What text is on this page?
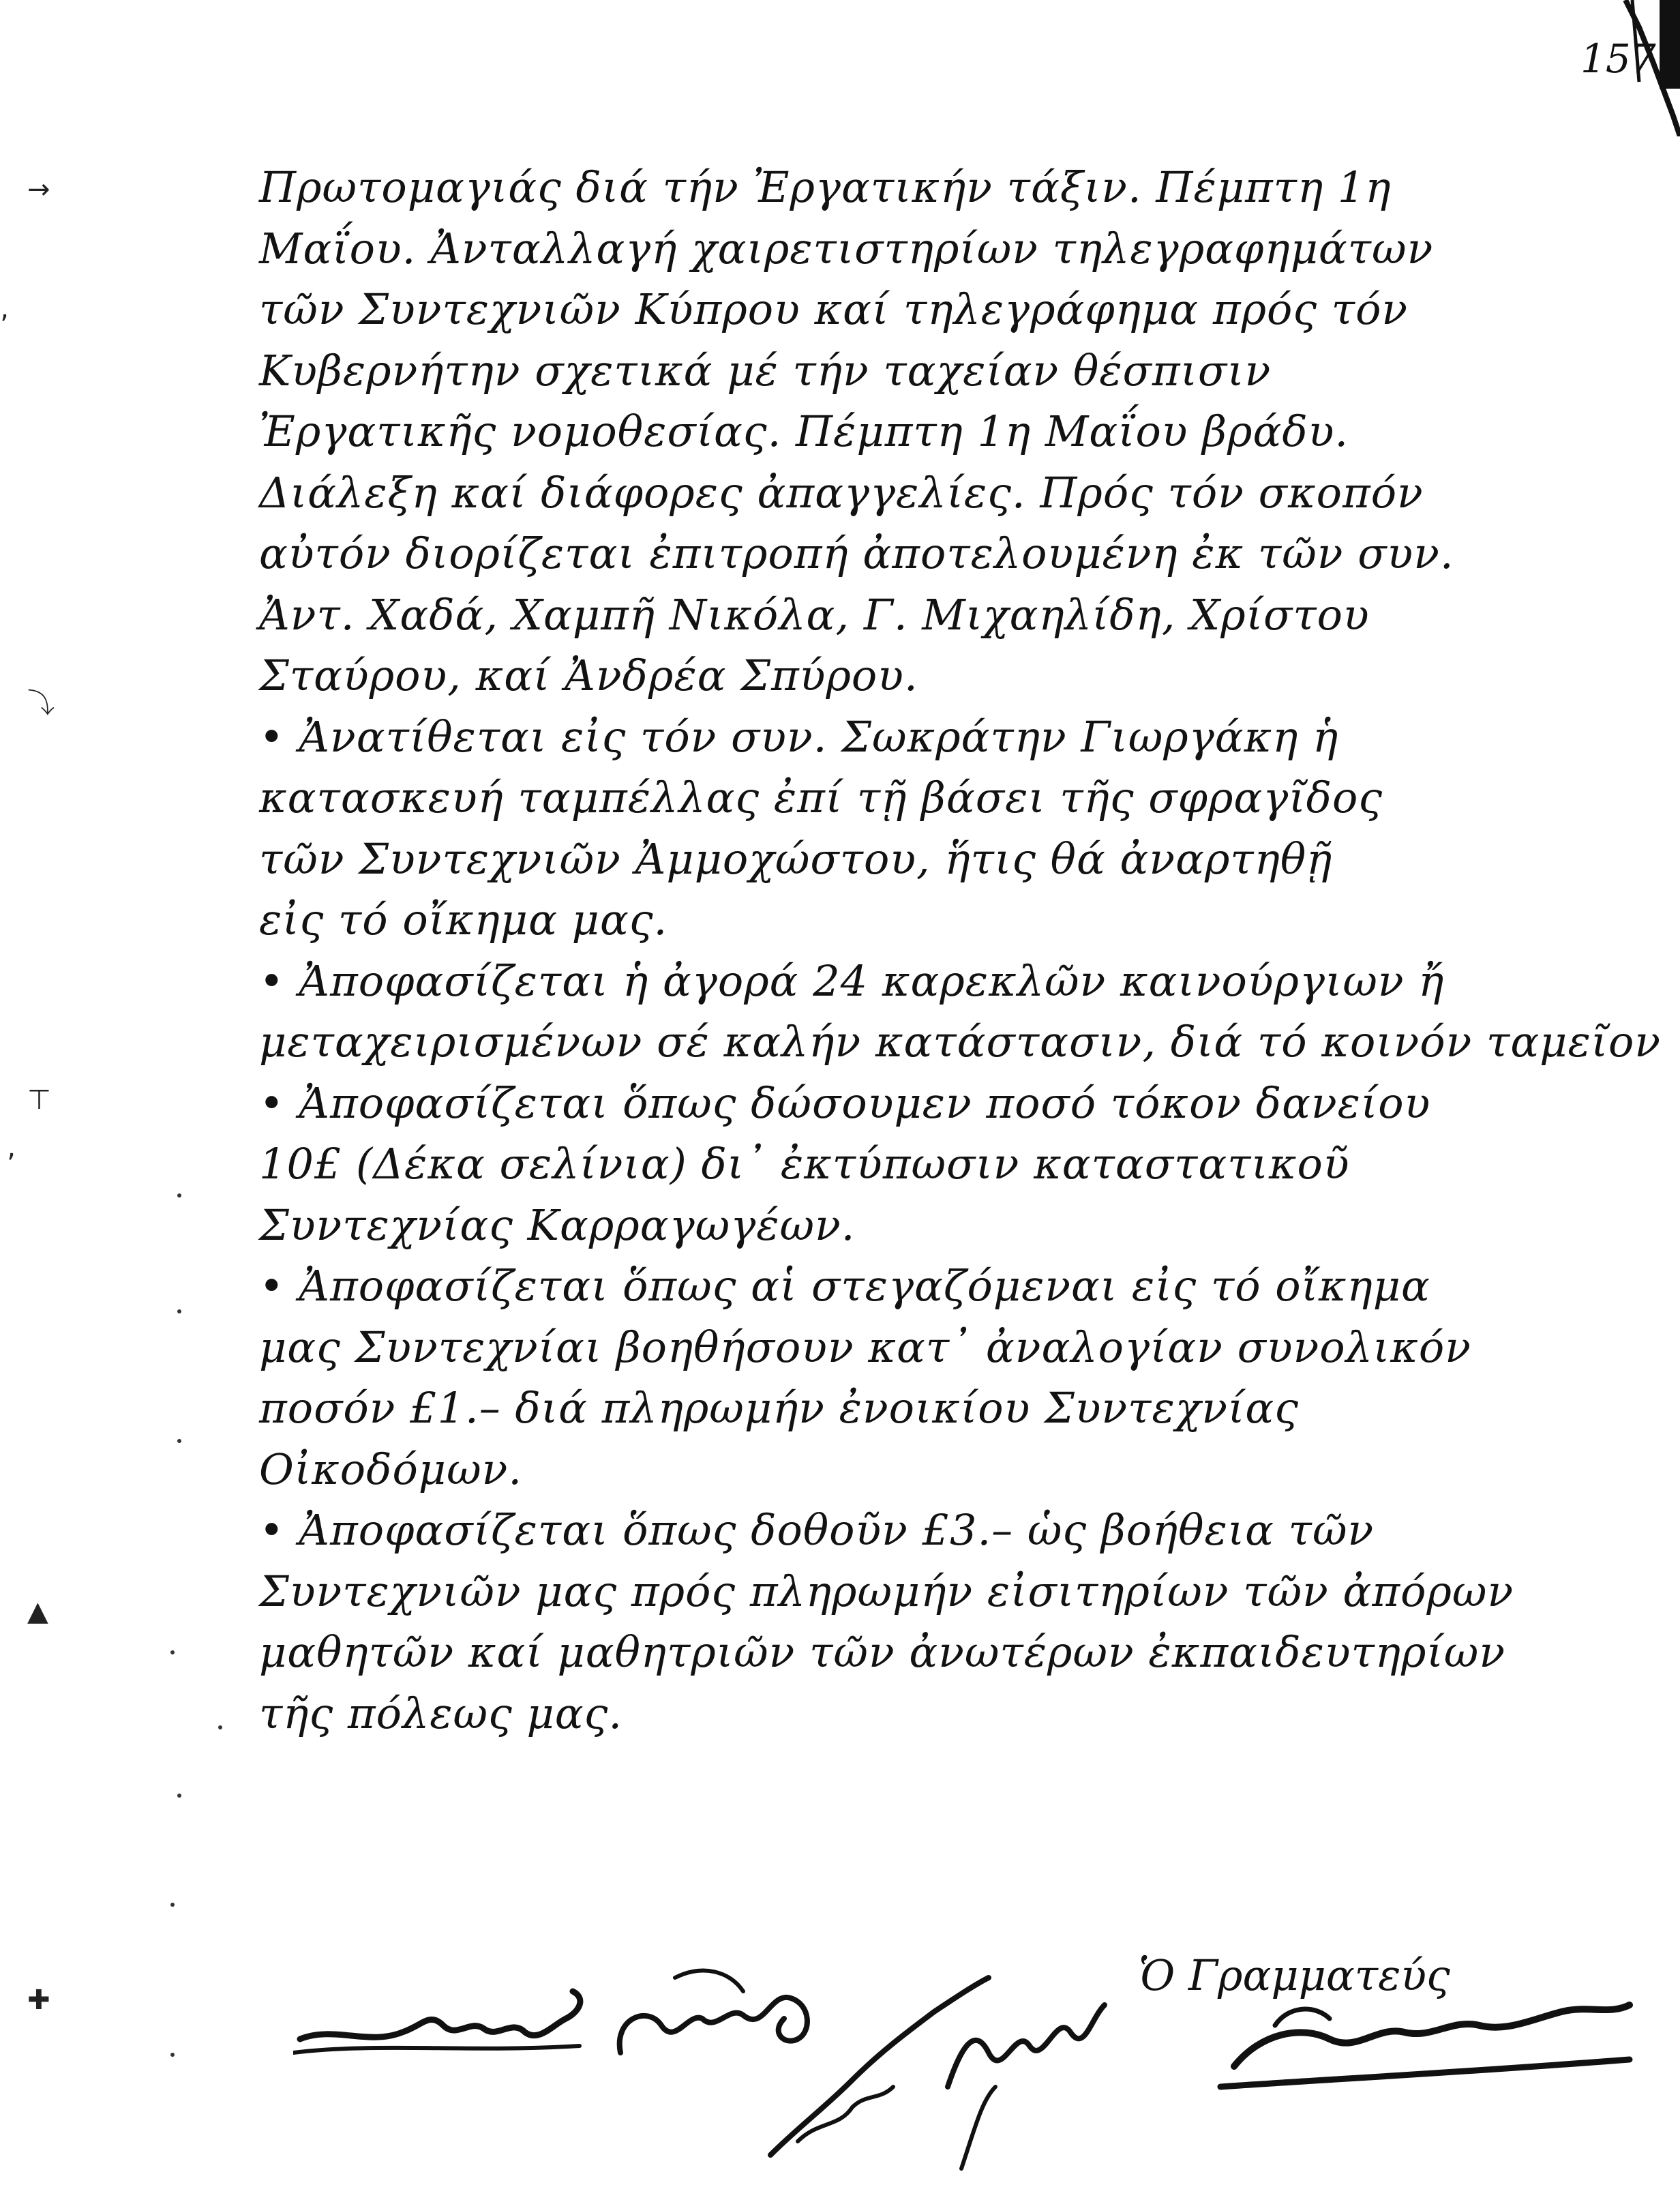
157
→
‚
⤵
⊤
‚
▲
✚
Πρωτομαγιάς διά τήν Ἐργατικήν τάξιν. Πέμπτη 1η
Μαΐου. Ἀνταλλαγή χαιρετιστηρίων τηλεγραφημάτων
τῶν Συντεχνιῶν Κύπρου καί τηλεγράφημα πρός τόν
Κυβερνήτην σχετικά μέ τήν ταχείαν θέσπισιν
Ἐργατικῆς νομοθεσίας. Πέμπτη 1η Μαΐου βράδυ.
Διάλεξη καί διάφορες ἀπαγγελίες. Πρός τόν σκοπόν
αὐτόν διορίζεται ἐπιτροπή ἀποτελουμένη ἐκ τῶν συν.
Ἀντ. Χαδά, Χαμπῆ Νικόλα, Γ. Μιχαηλίδη, Χρίστου
Σταύρου, καί Ἀνδρέα Σπύρου.
• Ἀνατίθεται εἰς τόν συν. Σωκράτην Γιωργάκη ἡ
κατασκευή ταμπέλλας ἐπί τῇ βάσει τῆς σφραγῖδος
τῶν Συντεχνιῶν Ἀμμοχώστου, ἥτις θά ἀναρτηθῇ
εἰς τό οἴκημα μας.
• Ἀποφασίζεται ἡ ἀγορά 24 καρεκλῶν καινούργιων ἤ
μεταχειρισμένων σέ καλήν κατάστασιν, διά τό κοινόν ταμεῖον
• Ἀποφασίζεται ὅπως δώσουμεν ποσό τόκον δανείου
10£ (Δέκα σελίνια) δι᾿ ἐκτύπωσιν καταστατικοῦ
Συντεχνίας Καρραγωγέων.
• Ἀποφασίζεται ὅπως αἱ στεγαζόμεναι εἰς τό οἴκημα
μας Συντεχνίαι βοηθήσουν κατ᾿ ἀναλογίαν συνολικόν
ποσόν £1.– διά πληρωμήν ἐνοικίου Συντεχνίας
Οἰκοδόμων.
• Ἀποφασίζεται ὅπως δοθοῦν £3.– ὡς βοήθεια τῶν
Συντεχνιῶν μας πρός πληρωμήν εἰσιτηρίων τῶν ἀπόρων
μαθητῶν καί μαθητριῶν τῶν ἀνωτέρων ἐκπαιδευτηρίων
τῆς πόλεως μας.
Ὁ Γραμματεύς
